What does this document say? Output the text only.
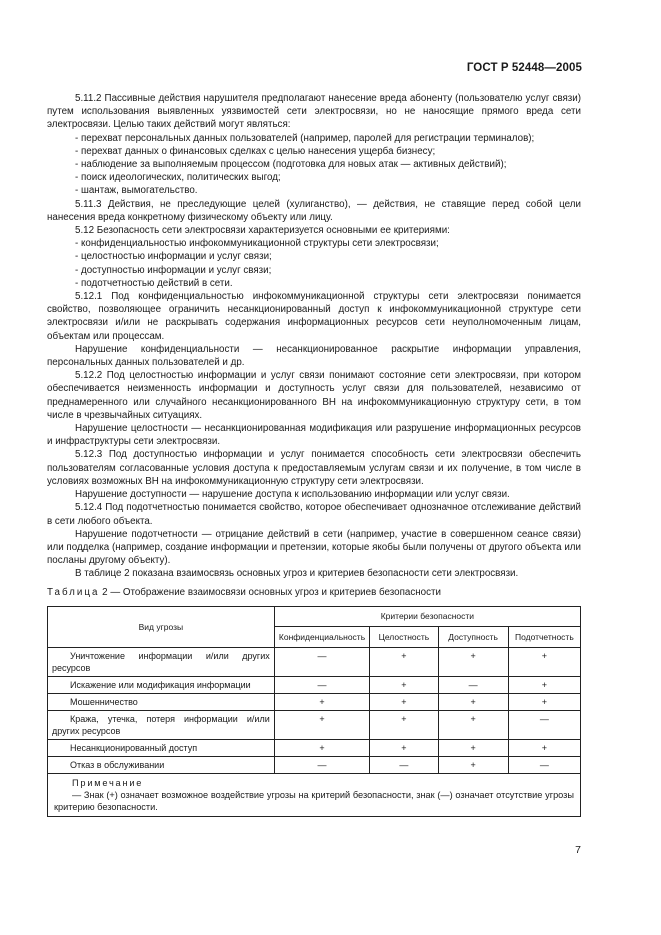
ГОСТ Р 52448—2005

5.11.2 Пассивные действия нарушителя предполагают нанесение вреда абоненту (пользователю услуг связи) путем использования выявленных уязвимостей сети электросвязи, но не наносящие прямого вреда сети электросвязи. Целью таких действий могут являться:

- перехват персональных данных пользователей (например, паролей для регистрации терминалов);

- перехват данных о финансовых сделках с целью нанесения ущерба бизнесу;

- наблюдение за выполняемым процессом (подготовка для новых атак — активных действий);

- поиск идеологических, политических выгод;

- шантаж, вымогательство.

5.11.3 Действия, не преследующие целей (хулиганство), — действия, не ставящие перед собой цели нанесения вреда конкретному физическому объекту или лицу.

5.12 Безопасность сети электросвязи характеризуется основными ее критериями:

- конфиденциальностью инфокоммуникационной структуры сети электросвязи;

- целостностью информации и услуг связи;

- доступностью информации и услуг связи;

- подотчетностью действий в сети.

5.12.1 Под конфиденциальностью инфокоммуникационной структуры сети электросвязи понимается свойство, позволяющее ограничить несанкционированный доступ к инфокоммуникационной структуре сети электросвязи и/или не раскрывать содержания информационных ресурсов сети неуполномоченным лицам, объектам или процессам.

Нарушение конфиденциальности — несанкционированное раскрытие информации управления, персональных данных пользователей и др.

5.12.2 Под целостностью информации и услуг связи понимают состояние сети электросвязи, при котором обеспечивается неизменность информации и доступность услуг связи для пользователей, независимо от преднамеренного или случайного несанкционированного ВН на инфокоммуникационную структуру сети, в том числе в чрезвычайных ситуациях.

Нарушение целостности — несанкционированная модификация или разрушение информационных ресурсов и инфраструктуры сети электросвязи.

5.12.3 Под доступностью информации и услуг понимается способность сети электросвязи обеспечить пользователям согласованные условия доступа к предоставляемым услугам связи и их получение, в том числе в условиях возможных ВН на инфокоммуникационную структуру сети электросвязи.

Нарушение доступности — нарушение доступа к использованию информации или услуг связи.

5.12.4 Под подотчетностью понимается свойство, которое обеспечивает однозначное отслеживание действий в сети любого объекта.

Нарушение подотчетности — отрицание действий в сети (например, участие в совершенном сеансе связи) или подделка (например, создание информации и претензии, которые якобы были получены от другого объекта или посланы другому объекту).

В таблице 2 показана взаимосвязь основных угроз и критериев безопасности сети электросвязи.

Таблица 2 — Отображение взаимосвязи основных угроз и критериев безопасности
Вид угрозы	Критерии безопасности			
	Конфиденциальность	Целостность	Доступность	Подотчетность

Уничтожение информации и/или других ресурсов	—	+	+	+

Искажение или модификация информации	—	+	—	+

Мошенничество	+	+	+	+

Кража, утечка, потеря информации и/или других ресурсов	+	+	+	—

Несанкционированный доступ	+	+	+	+

Отказ в обслуживании	—	—	+	—

Примечание
— Знак (+) означает возможное воздействие угрозы на критерий безопасности, знак (—) означает отсутствие угрозы критерию безопасности.				
7
